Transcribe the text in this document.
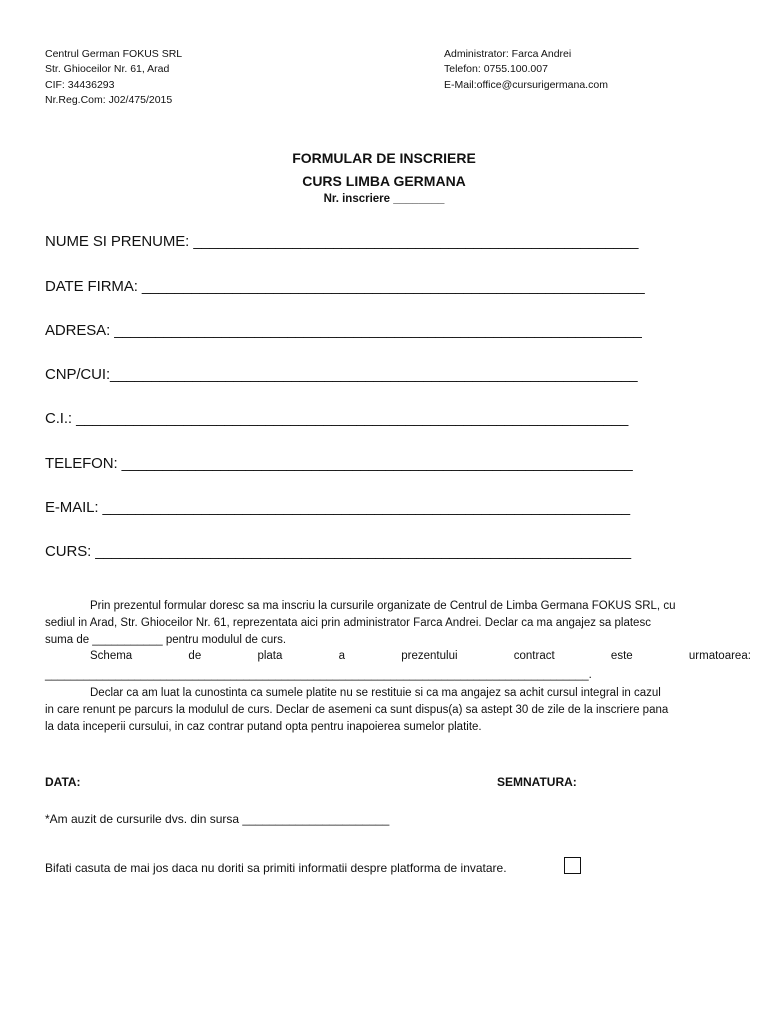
Centrul German FOKUS SRL
Str. Ghioceilor Nr. 61, Arad
CIF: 34436293
Nr.Reg.Com: J02/475/2015
Administrator: Farca Andrei
Telefon: 0755.100.007
E-Mail:office@cursurigermana.com
FORMULAR DE INSCRIERE
CURS LIMBA GERMANA
Nr. inscriere ________
NUME SI PRENUME: ______________________________________________________
DATE FIRMA: _____________________________________________________________
ADRESA: ________________________________________________________________
CNP/CUI:________________________________________________________________
C.I.: ___________________________________________________________________
TELEFON: ______________________________________________________________
E-MAIL: ________________________________________________________________
CURS: _________________________________________________________________
Prin prezentul formular doresc sa ma inscriu la cursurile organizate de Centrul de Limba Germana FOKUS SRL, cu
sediul in Arad, Str. Ghioceilor Nr. 61, reprezentata aici prin administrator Farca Andrei. Declar ca ma angajez sa platesc
suma de ___________ pentru modulul de curs.
Schema	de	plata	a	prezentului	contract	este	urmatoarea:
_____________________________________________________________________________________.
Declar ca am luat la cunostinta ca sumele platite nu se restituie si ca ma angajez sa achit cursul integral in cazul
in care renunt pe parcurs la modulul de curs. Declar de asemeni ca sunt dispus(a) sa astept 30 de zile de la inscriere pana
la data inceperii cursului, in caz contrar putand opta pentru inapoierea sumelor platite.
DATA:	SEMNATURA:
*Am auzit de cursurile dvs. din sursa ______________________
Bifati casuta de mai jos daca nu doriti sa primiti informatii despre platforma de invatare.
